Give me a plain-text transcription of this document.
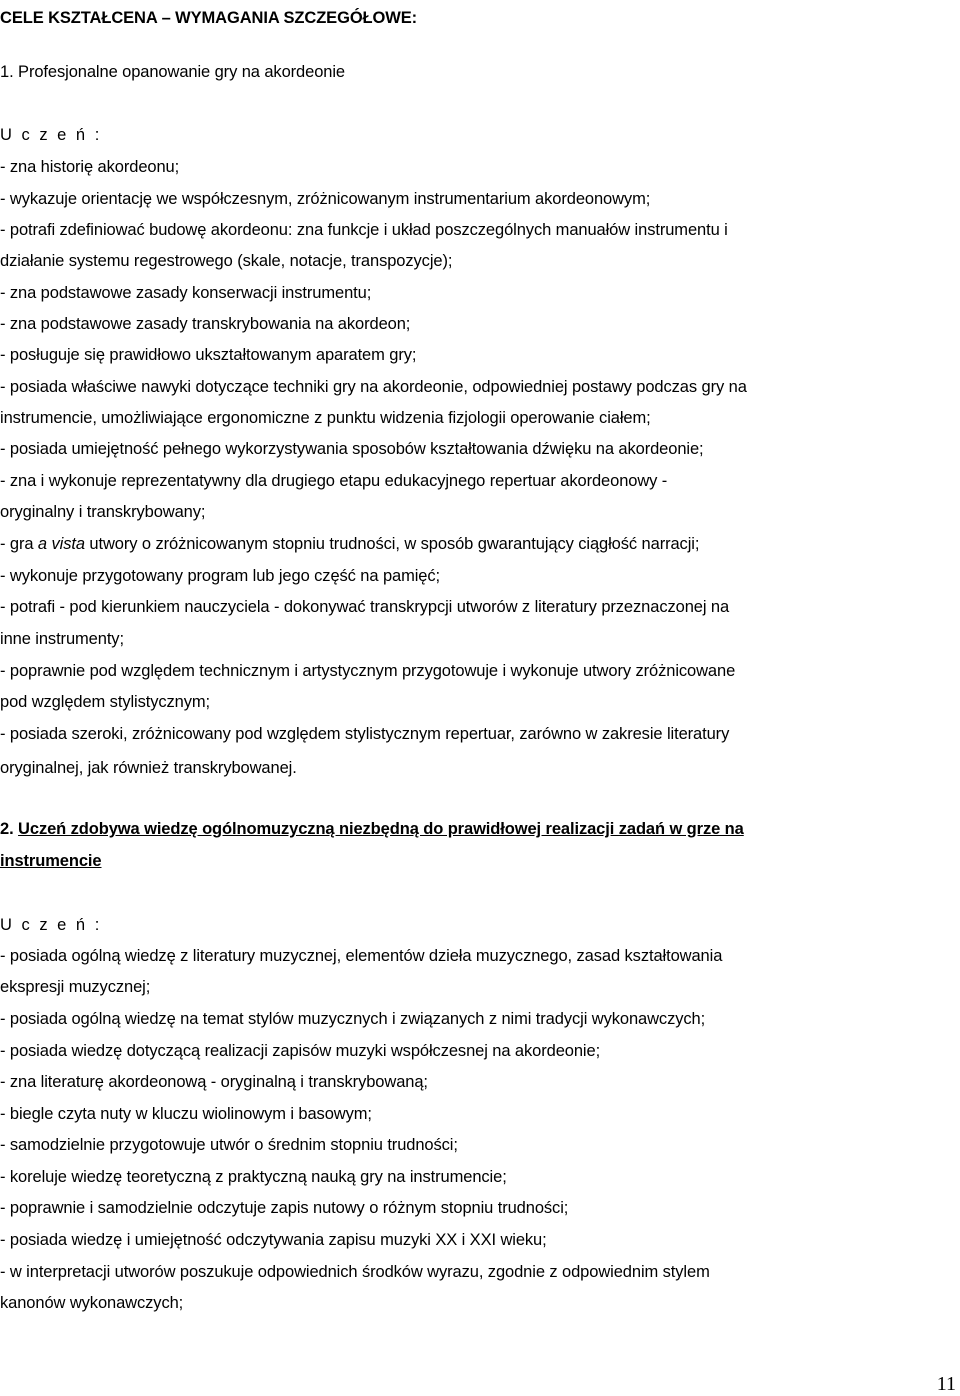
CELE KSZTAŁCENA – WYMAGANIA SZCZEGÓŁOWE:
1. Profesjonalne opanowanie gry na akordeonie
U c z e ń :
- zna historię akordeonu;
- wykazuje orientację we współczesnym, zróżnicowanym instrumentarium akordeonowym;
- potrafi zdefiniować budowę akordeonu: zna funkcje i układ poszczególnych manuałów instrumentu i
działanie systemu regestrowego (skale, notacje, transpozycje);
- zna podstawowe zasady konserwacji instrumentu;
- zna podstawowe zasady transkrybowania na akordeon;
- posługuje się prawidłowo ukształtowanym aparatem gry;
- posiada właściwe nawyki dotyczące techniki gry na akordeonie, odpowiedniej postawy podczas gry na
instrumencie, umożliwiające ergonomiczne z punktu widzenia fizjologii operowanie ciałem;
- posiada umiejętność pełnego wykorzystywania sposobów kształtowania dźwięku na akordeonie;
- zna i wykonuje reprezentatywny dla drugiego etapu edukacyjnego repertuar akordeonowy -
oryginalny i transkrybowany;
- gra a vista utwory o zróżnicowanym stopniu trudności, w sposób gwarantujący ciągłość narracji;
- wykonuje przygotowany program lub jego część na pamięć;
- potrafi - pod kierunkiem nauczyciela - dokonywać transkrypcji utworów z literatury przeznaczonej na
inne instrumenty;
- poprawnie pod względem technicznym i artystycznym przygotowuje i wykonuje utwory zróżnicowane
pod względem stylistycznym;
- posiada szeroki, zróżnicowany pod względem stylistycznym repertuar, zarówno w zakresie literatury
oryginalnej, jak również transkrybowanej.
2. Uczeń zdobywa wiedzę ogólnomuzyczną niezbędną do prawidłowej realizacji zadań w grze na
instrumencie
U c z e ń :
- posiada ogólną wiedzę z literatury muzycznej, elementów dzieła muzycznego, zasad kształtowania
ekspresji muzycznej;
- posiada ogólną wiedzę na temat stylów muzycznych i związanych z nimi tradycji wykonawczych;
- posiada wiedzę dotyczącą realizacji zapisów muzyki współczesnej na akordeonie;
- zna literaturę akordeonową - oryginalną i transkrybowaną;
- biegle czyta nuty w kluczu wiolinowym i basowym;
- samodzielnie przygotowuje utwór o średnim stopniu trudności;
- koreluje wiedzę teoretyczną z praktyczną nauką gry na instrumencie;
- poprawnie i samodzielnie odczytuje zapis nutowy o różnym stopniu trudności;
- posiada wiedzę i umiejętność odczytywania zapisu muzyki XX i XXI wieku;
- w interpretacji utworów poszukuje odpowiednich środków wyrazu, zgodnie z odpowiednim stylem
kanonów wykonawczych;
11
